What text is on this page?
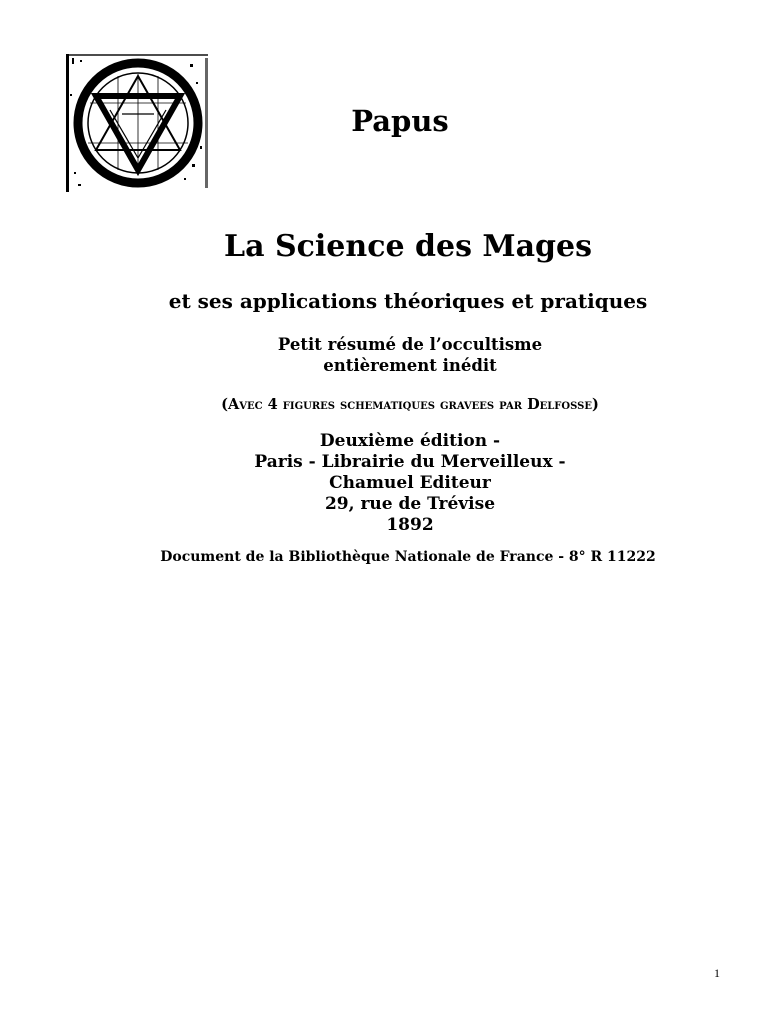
Papus
La Science des Mages
et ses applications théoriques et pratiques
Petit résumé de l’occultisme
entièrement inédit
(Avec 4 figures schematiques gravees par Delfosse)
Deuxième édition -
Paris - Librairie du Merveilleux -
Chamuel Editeur
29, rue de Trévise
1892
Document de la Bibliothèque Nationale de France - 8° R 11222
1
